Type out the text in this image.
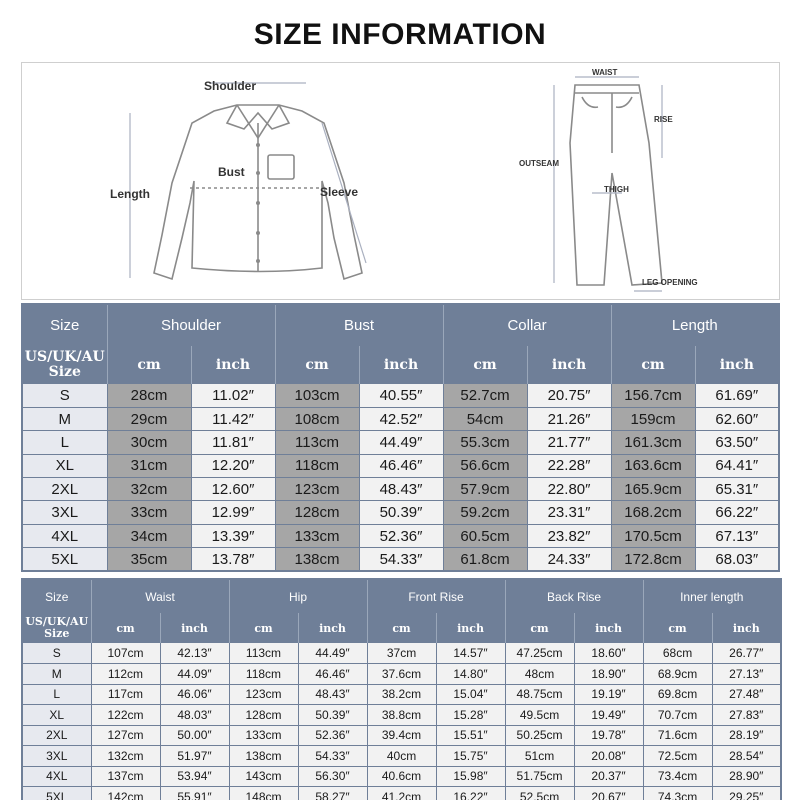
SIZE INFORMATION
Shoulder
Bust
Length	Sleeve
WAIST
RISE
OUTSEAM
THIGH
LEG OPENING
Size	Shoulder		Bust		Collar		Length	

US/UK/AU
Size	cm	inch	cm	inch	cm	inch	cm	inch
S	28cm	11.02″	103cm	40.55″	52.7cm	20.75″	156.7cm	61.69″
M	29cm	11.42″	108cm	42.52″	54cm	21.26″	159cm	62.60″
L	30cm	11.81″	113cm	44.49″	55.3cm	21.77″	161.3cm	63.50″
XL	31cm	12.20″	118cm	46.46″	56.6cm	22.28″	163.6cm	64.41″
2XL	32cm	12.60″	123cm	48.43″	57.9cm	22.80″	165.9cm	65.31″
3XL	33cm	12.99″	128cm	50.39″	59.2cm	23.31″	168.2cm	66.22″
4XL	34cm	13.39″	133cm	52.36″	60.5cm	23.82″	170.5cm	67.13″
5XL	35cm	13.78″	138cm	54.33″	61.8cm	24.33″	172.8cm	68.03″
Size	Waist		Hip		Front Rise		Back Rise		Inner length	

US/UK/AU
Size	cm	inch	cm	inch	cm	inch	cm	inch	cm	inch
S	107cm	42.13″	113cm	44.49″	37cm	14.57″	47.25cm	18.60″	68cm	26.77″
M	112cm	44.09″	118cm	46.46″	37.6cm	14.80″	48cm	18.90″	68.9cm	27.13″
L	117cm	46.06″	123cm	48.43″	38.2cm	15.04″	48.75cm	19.19″	69.8cm	27.48″
XL	122cm	48.03″	128cm	50.39″	38.8cm	15.28″	49.5cm	19.49″	70.7cm	27.83″
2XL	127cm	50.00″	133cm	52.36″	39.4cm	15.51″	50.25cm	19.78″	71.6cm	28.19″
3XL	132cm	51.97″	138cm	54.33″	40cm	15.75″	51cm	20.08″	72.5cm	28.54″
4XL	137cm	53.94″	143cm	56.30″	40.6cm	15.98″	51.75cm	20.37″	73.4cm	28.90″
5XL	142cm	55.91″	148cm	58.27″	41.2cm	16.22″	52.5cm	20.67″	74.3cm	29.25″
